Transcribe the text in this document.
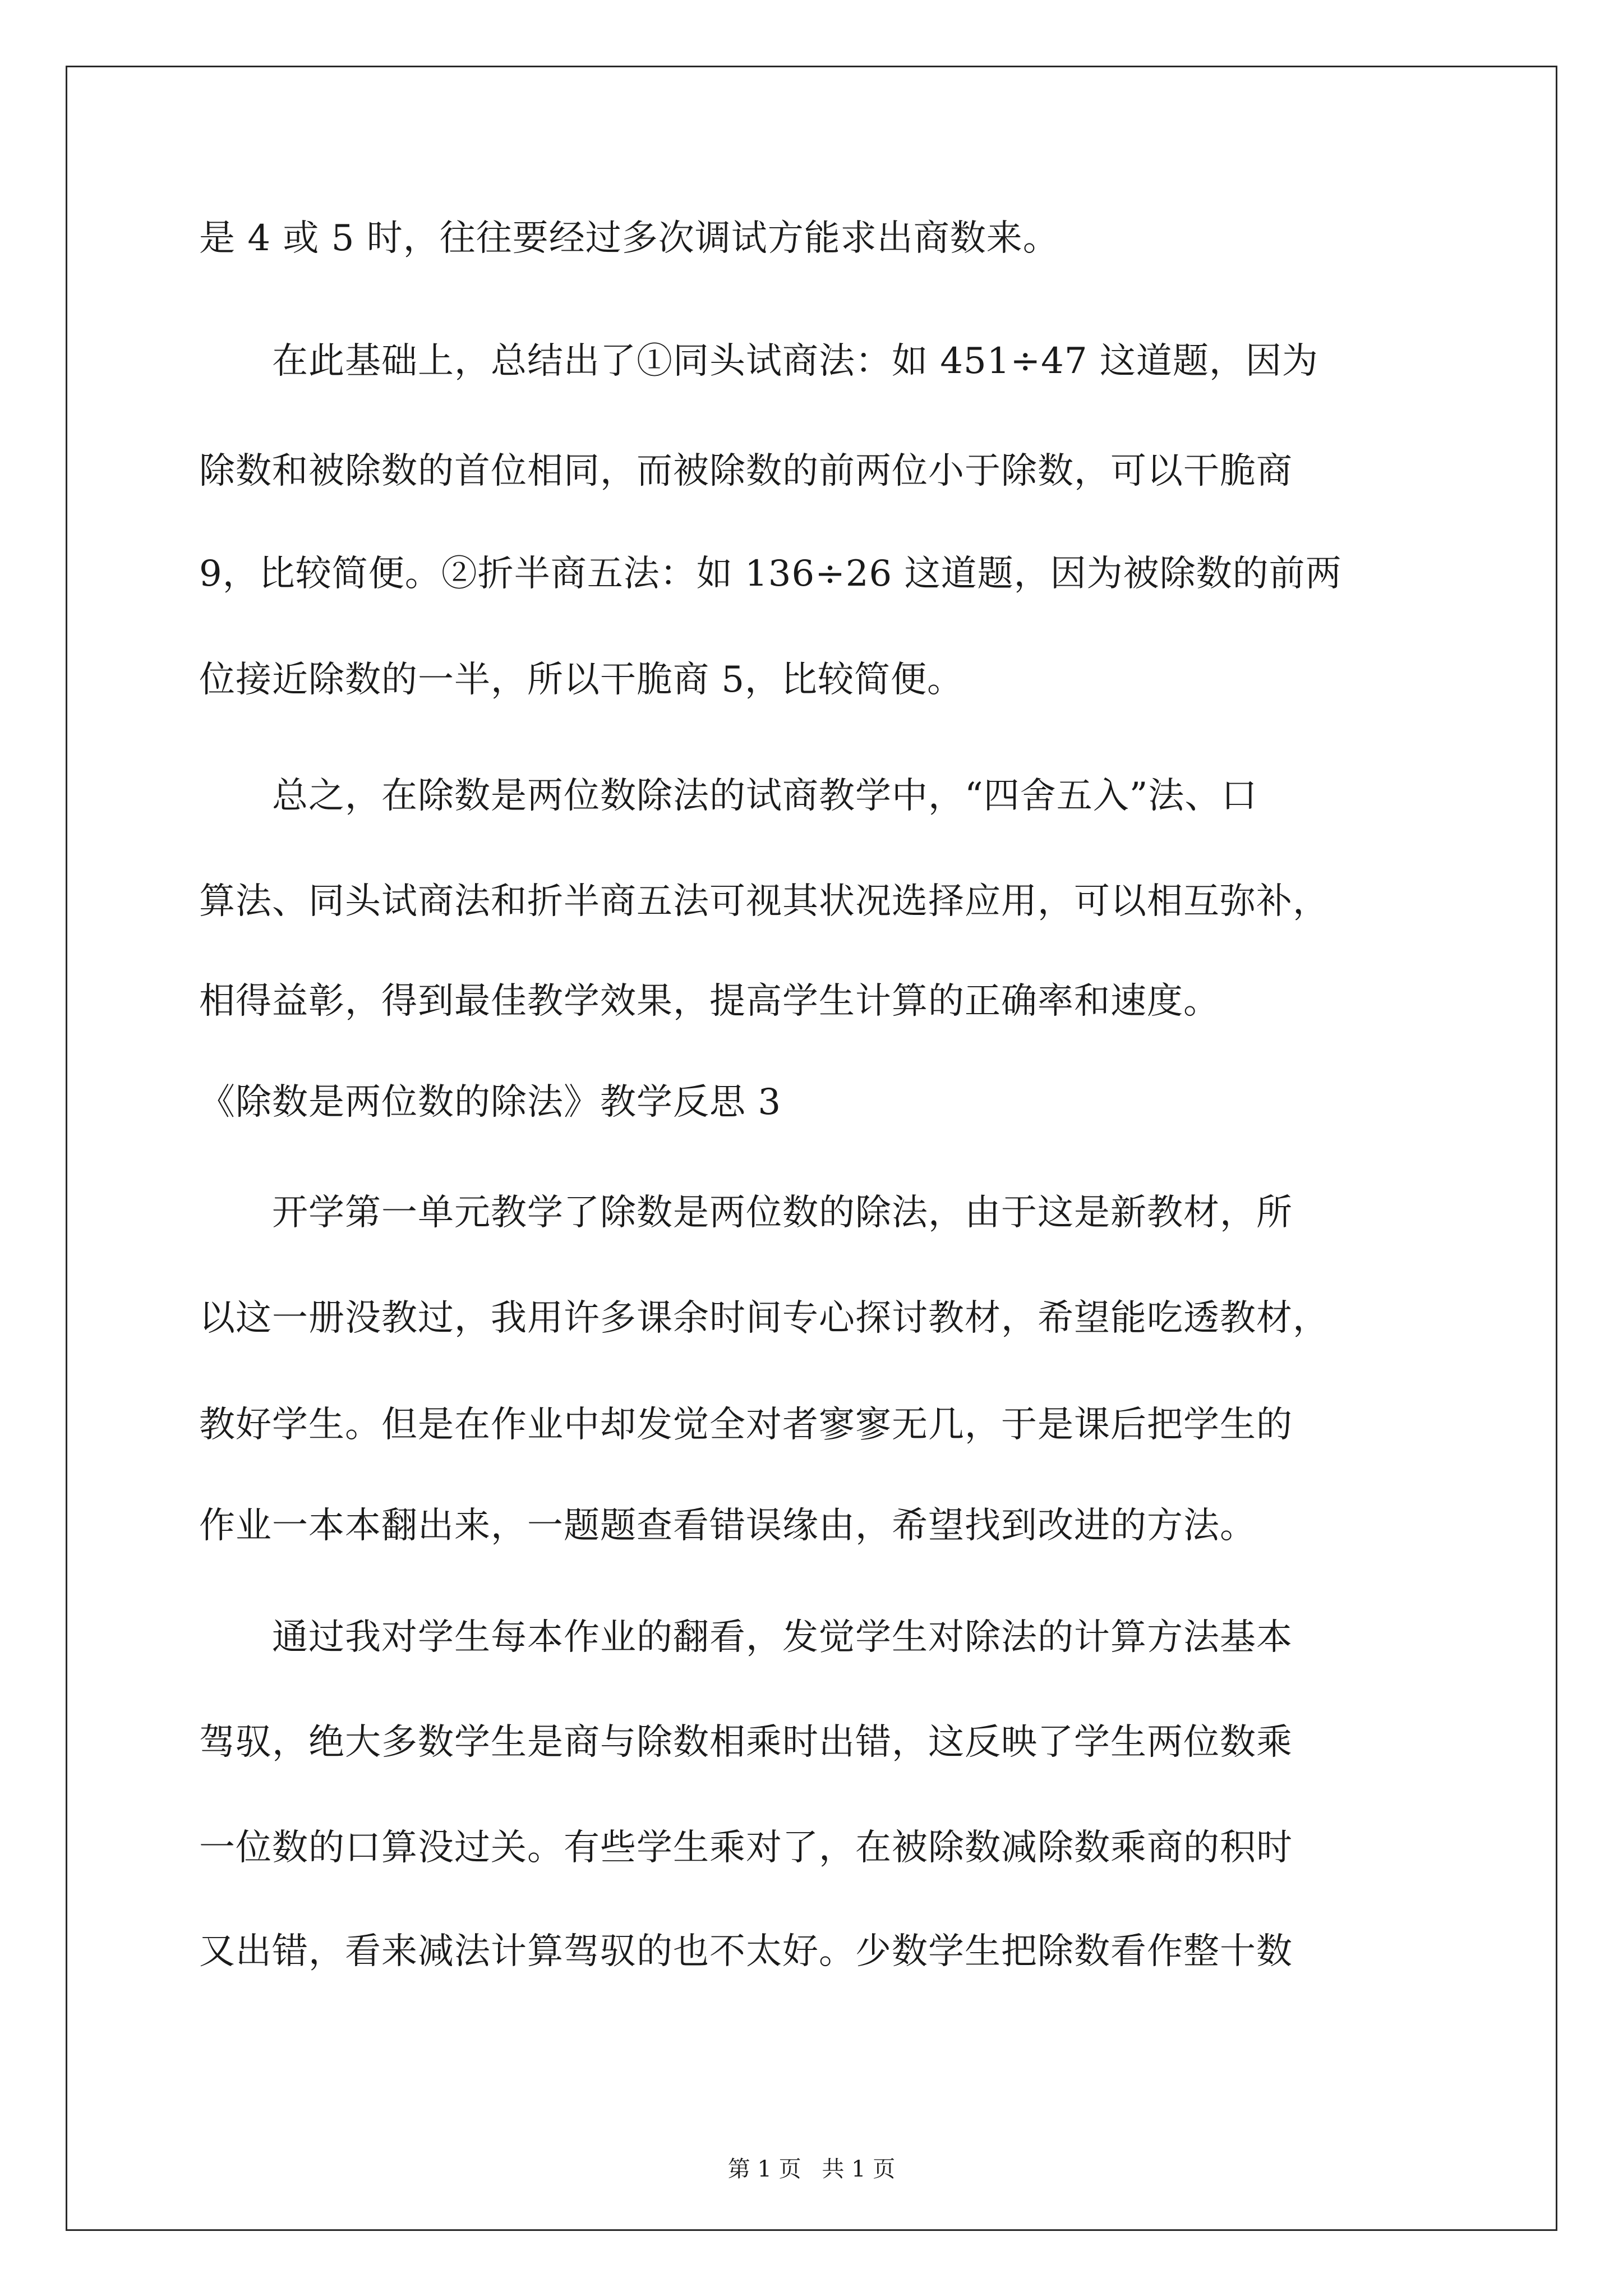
是 4 或 5 时，往往要经过多次调试方能求出商数来。
　　在此基础上，总结出了①同头试商法：如 451÷47 这道题，因为
除数和被除数的首位相同，而被除数的前两位小于除数，可以干脆商
9，比较简便。②折半商五法：如 136÷26 这道题，因为被除数的前两
位接近除数的一半，所以干脆商 5，比较简便。
　　总之，在除数是两位数除法的试商教学中，“四舍五入”法、口
算法、同头试商法和折半商五法可视其状况选择应用，可以相互弥补，
相得益彰，得到最佳教学效果，提高学生计算的正确率和速度。
《除数是两位数的除法》教学反思 3
　　开学第一单元教学了除数是两位数的除法，由于这是新教材，所
以这一册没教过，我用许多课余时间专心探讨教材，希望能吃透教材，
教好学生。但是在作业中却发觉全对者寥寥无几，于是课后把学生的
作业一本本翻出来，一题题查看错误缘由，希望找到改进的方法。
　　通过我对学生每本作业的翻看，发觉学生对除法的计算方法基本
驾驭，绝大多数学生是商与除数相乘时出错，这反映了学生两位数乘
一位数的口算没过关。有些学生乘对了，在被除数减除数乘商的积时
又出错，看来减法计算驾驭的也不太好。少数学生把除数看作整十数
第 1 页 共 1 页
